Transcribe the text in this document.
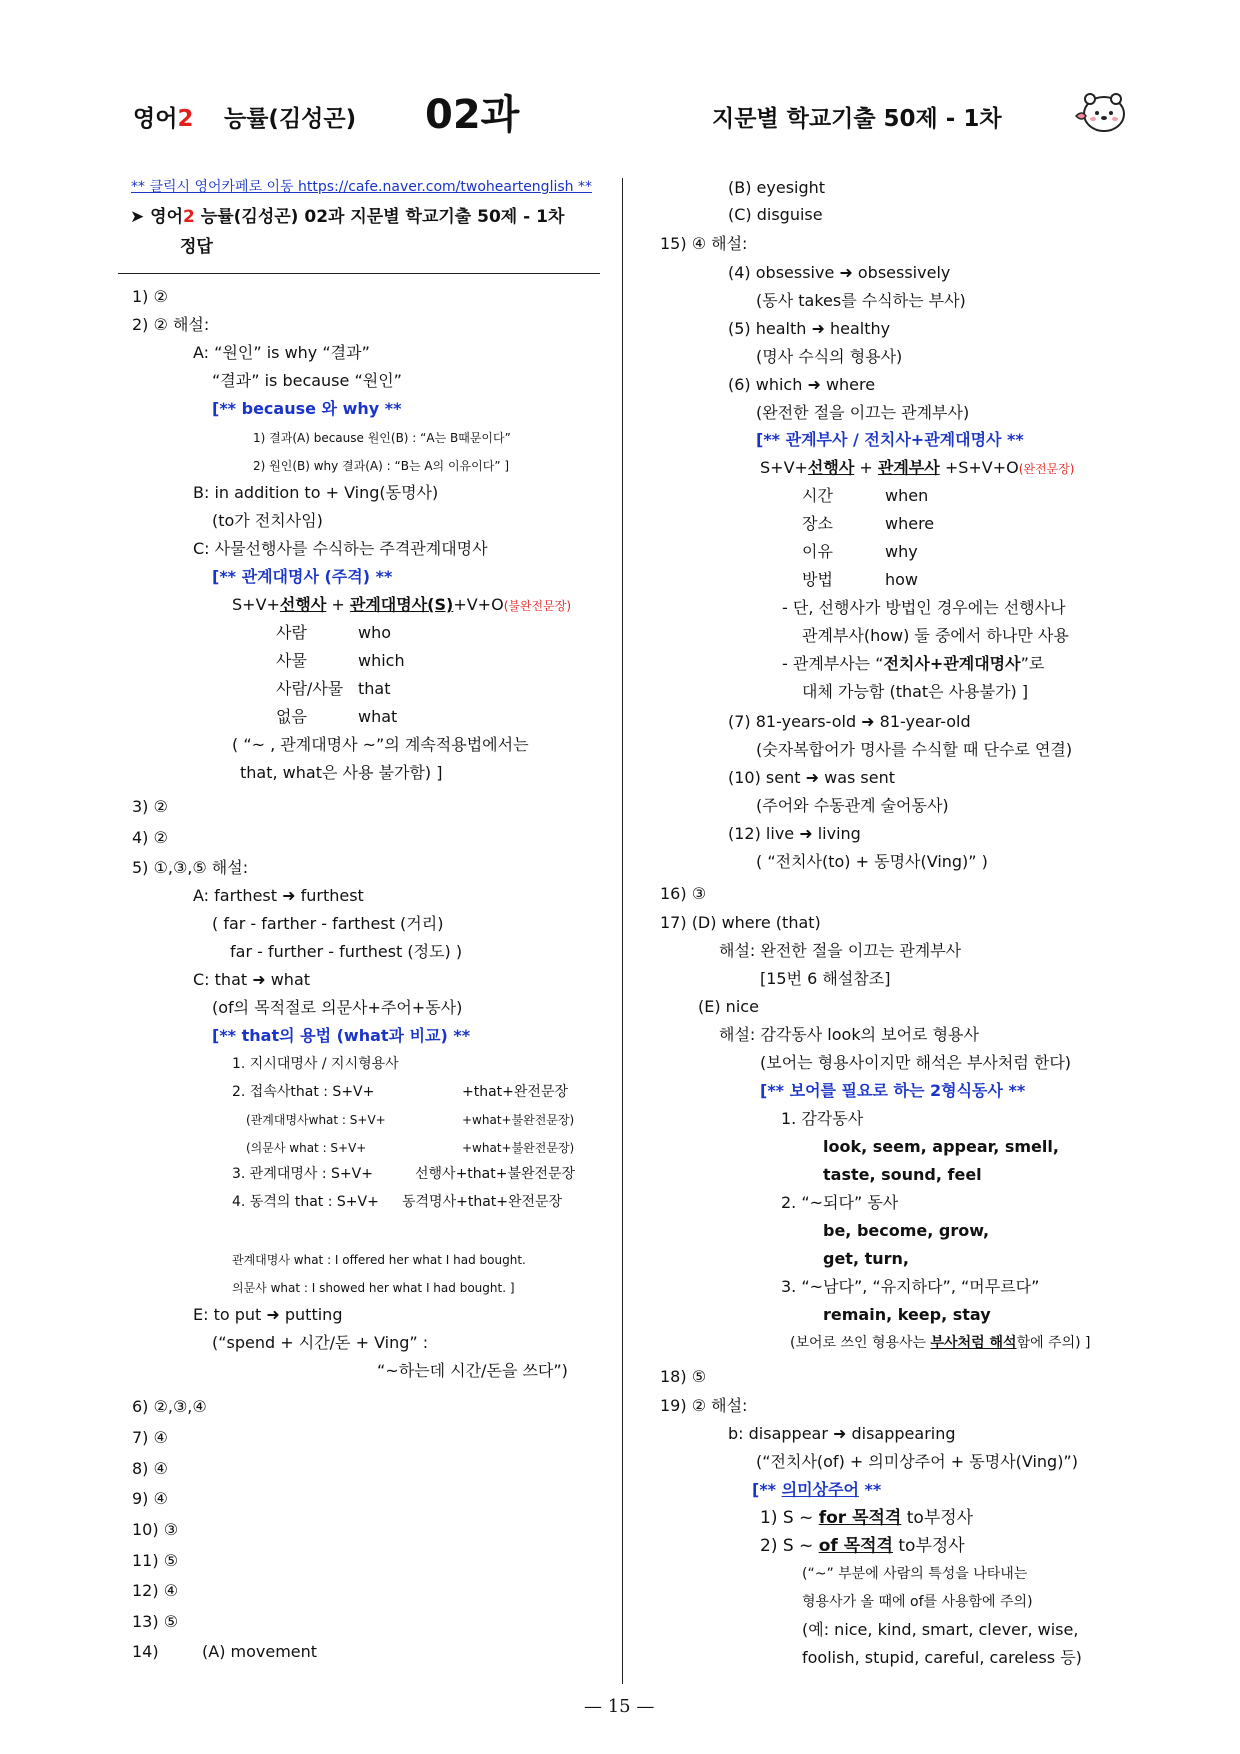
영어2 능률(김성곤) 02과	지문별 학교기출 50제 - 1차
** 클릭시 영어카페로 이동 https://cafe.naver.com/twoheartenglish **
➤ 영어2 능률(김성곤) 02과 지문별 학교기출 50제 - 1차
정답
1) ②
2) ② 해설:
A: “원인” is why “결과”
“결과” is because “원인”
[** because 와 why **
1) 결과(A) because 원인(B) : “A는 B때문이다”
2) 원인(B) why 결과(A) : “B는 A의 이유이다” ]
B: in addition to + Ving(동명사)
(to가 전치사임)
C: 사물선행사를 수식하는 주격관계대명사
[** 관계대명사 (주격) **
S+V+선행사 + 관계대명사(S)+V+O(불완전문장)
사람	who
사물	which
사람/사물 that
없음	what
( “~ , 관계대명사 ~”의 계속적용법에서는
that, what은 사용 불가함) ]
3) ②
4) ②
5) ①,③,⑤ 해설:
A: farthest ➜ furthest
( far - farther - farthest (거리)
far - further - furthest (정도) )
C: that ➜ what
(of의 목적절로 의문사+주어+동사)
[** that의 용법 (what과 비교) **
1. 지시대명사 / 지시형용사
2. 접속사that : S+V+	+that+완전문장
(관계대명사what : S+V+	+what+불완전문장)
(의문사 what : S+V+	+what+불완전문장)
3. 관계대명사 : S+V+	선행사+that+불완전문장
4. 동격의 that : S+V+ 동격명사+that+완전문장
관계대명사 what : I offered her what I had bought.
의문사 what : I showed her what I had bought. ]
E: to put ➜ putting
(“spend + 시간/돈 + Ving” :
“~하는데 시간/돈을 쓰다”)
6) ②,③,④
7) ④
8) ④
9) ④
10) ③
11) ⑤
12) ④
13) ⑤
14)	(A) movement
(B) eyesight
(C) disguise
15) ④ 해설:
(4) obsessive ➜ obsessively
(동사 takes를 수식하는 부사)
(5) health ➜ healthy
(명사 수식의 형용사)
(6) which ➜ where
(완전한 절을 이끄는 관계부사)
[** 관계부사 / 전치사+관계대명사 **
S+V+선행사 + 관계부사 +S+V+O(완전문장)
시간	when
장소	where
이유	why
방법	how
- 단, 선행사가 방법인 경우에는 선행사나
관계부사(how) 둘 중에서 하나만 사용
- 관계부사는 “전치사+관계대명사”로
대체 가능함 (that은 사용불가) ]
(7) 81-years-old ➜ 81-year-old
(숫자복합어가 명사를 수식할 때 단수로 연결)
(10) sent ➜ was sent
(주어와 수동관계 술어동사)
(12) live ➜ living
( “전치사(to) + 동명사(Ving)” )
16) ③
17) (D) where (that)
해설: 완전한 절을 이끄는 관계부사
[15번 6 해설참조]
(E) nice
해설: 감각동사 look의 보어로 형용사
(보어는 형용사이지만 해석은 부사처럼 한다)
[** 보어를 필요로 하는 2형식동사 **
1. 감각동사
look, seem, appear, smell,
taste, sound, feel
2. “~되다” 동사
be, become, grow,
get, turn,
3. “~남다”, “유지하다”, “머무르다”
remain, keep, stay
(보어로 쓰인 형용사는 부사처럼 해석함에 주의) ]
18) ⑤
19) ② 해설:
b: disappear ➜ disappearing
(“전치사(of) + 의미상주어 + 동명사(Ving)”)
[** 의미상주어 **
1) S ~ for 목적격 to부정사
2) S ~ of 목적격 to부정사
(“~” 부분에 사람의 특성을 나타내는
형용사가 올 때에 of를 사용함에 주의)
(예: nice, kind, smart, clever, wise,
foolish, stupid, careful, careless 등)
— 15 —
